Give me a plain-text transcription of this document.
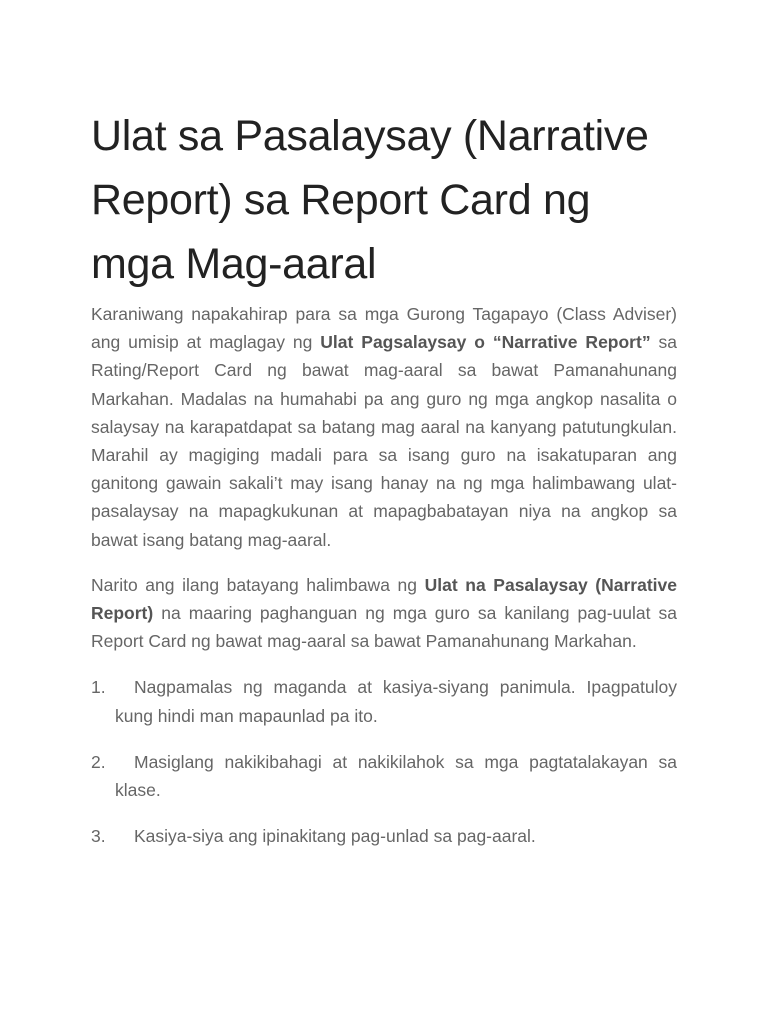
Ulat sa Pasalaysay (Narrative Report) sa Report Card ng mga Mag-aaral

Karaniwang napakahirap para sa mga Gurong Tagapayo (Class Adviser) ang umisip at maglagay ng Ulat Pagsalaysay o “Narrative Report” sa Rating/Report Card ng bawat mag-aaral sa bawat Pamanahunang Markahan. Madalas na humahabi pa ang guro ng mga angkop nasalita o salaysay na karapatdapat sa batang mag aaral na kanyang patutungkulan. Marahil ay magiging madali para sa isang guro na isakatuparan ang ganitong gawain sakali’t may isang hanay na ng mga halimbawang ulat-pasalaysay na mapagkukunan at mapagbabatayan niya na angkop sa bawat isang batang mag-aaral.

Narito ang ilang batayang halimbawa ng Ulat na Pasalaysay (Narrative Report) na maaring paghanguan ng mga guro sa kanilang pag-uulat sa Report Card ng bawat mag-aaral sa bawat Pamanahunang Markahan.

1.	Nagpamalas ng maganda at kasiya-siyang panimula. Ipagpatuloy kung hindi man mapaunlad pa ito.
2.	Masiglang nakikibahagi at nakikilahok sa mga pagtatalakayan sa klase.
3.	Kasiya-siya ang ipinakitang pag-unlad sa pag-aaral.
